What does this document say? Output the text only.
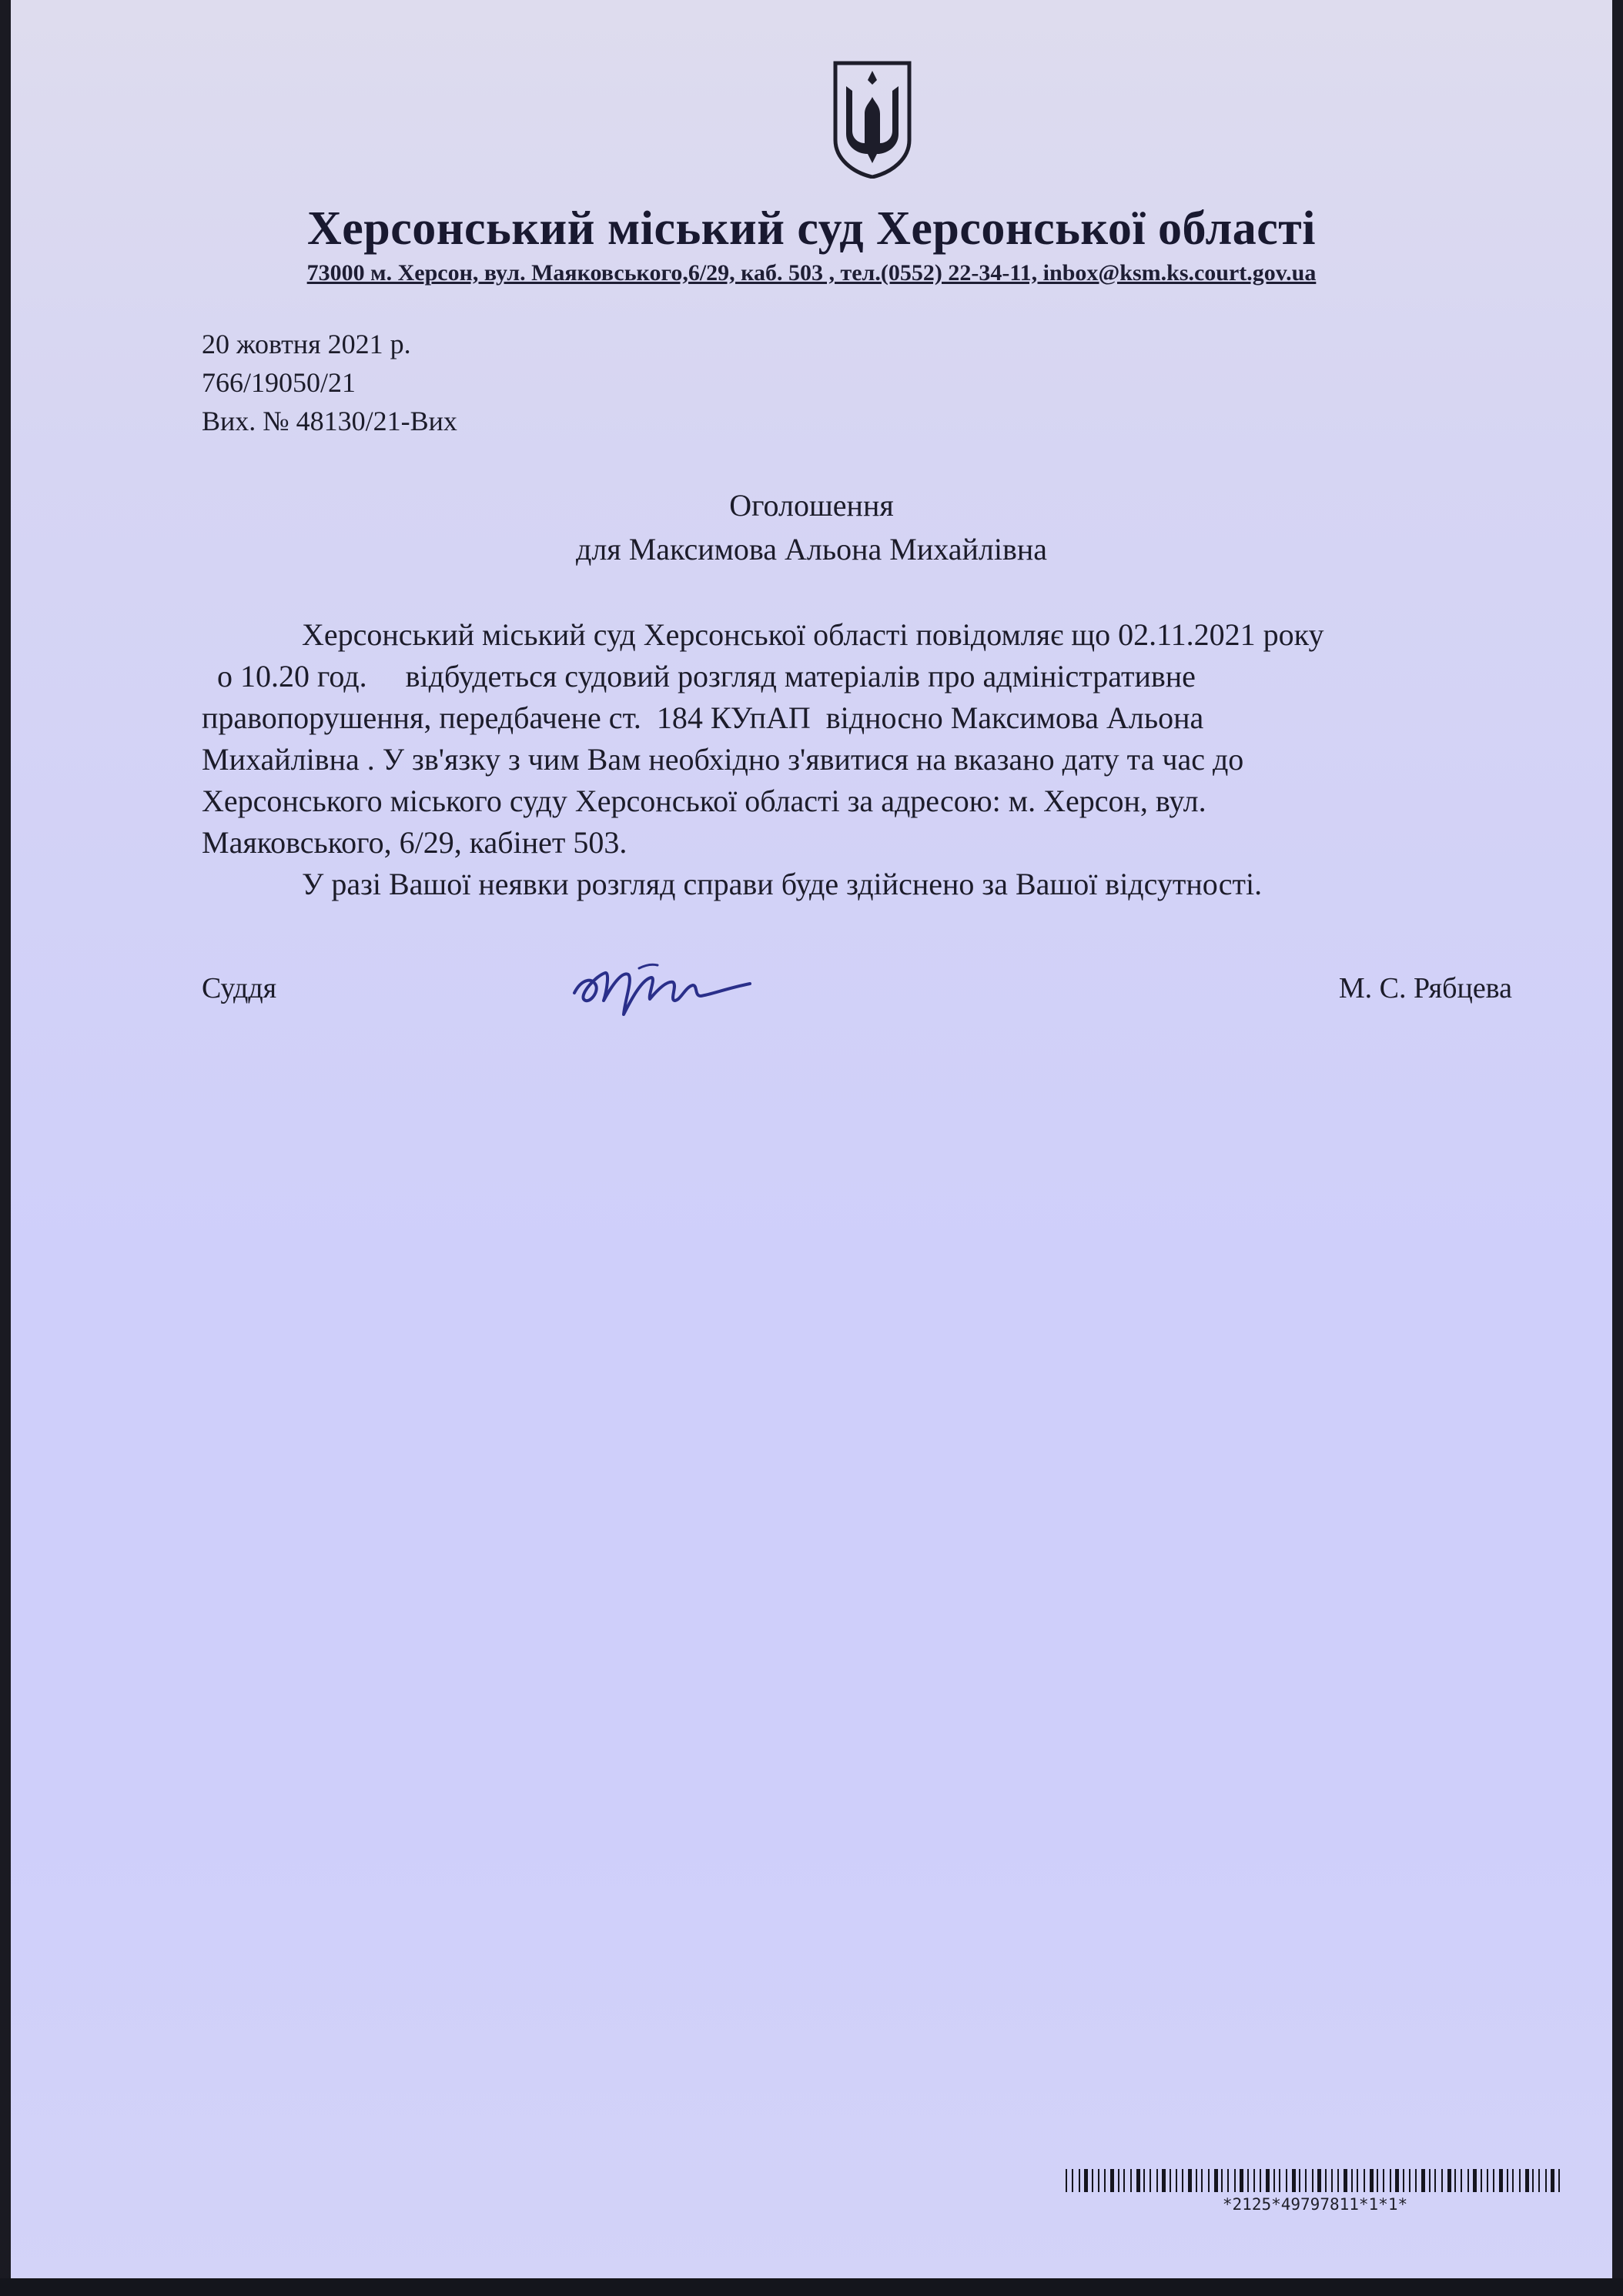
Херсонський міський суд Херсонської області
73000 м. Херсон, вул. Маяковського,6/29, каб. 503 , тел.(0552) 22-34-11, inbox@ksm.ks.court.gov.ua
20 жовтня 2021 р.
766/19050/21
Вих. № 48130/21-Вих
Оголошення
для Максимова Альона Михайлівна
Херсонський міський суд Херсонської області повідомляє що 02.11.2021 року
о 10.20 год.     відбудеться судовий розгляд матеріалів про адміністративне
правопорушення, передбачене ст.  184 КУпАП  відносно Максимова Альона
Михайлівна . У зв'язку з чим Вам необхідно з'явитися на вказано дату та час до
Херсонського міського суду Херсонської області за адресою: м. Херсон, вул.
Маяковського, 6/29, кабінет 503.
У разі Вашої неявки розгляд справи буде здійснено за Вашої відсутності.
Суддя	М. С. Рябцева
*2125*49797811*1*1*
